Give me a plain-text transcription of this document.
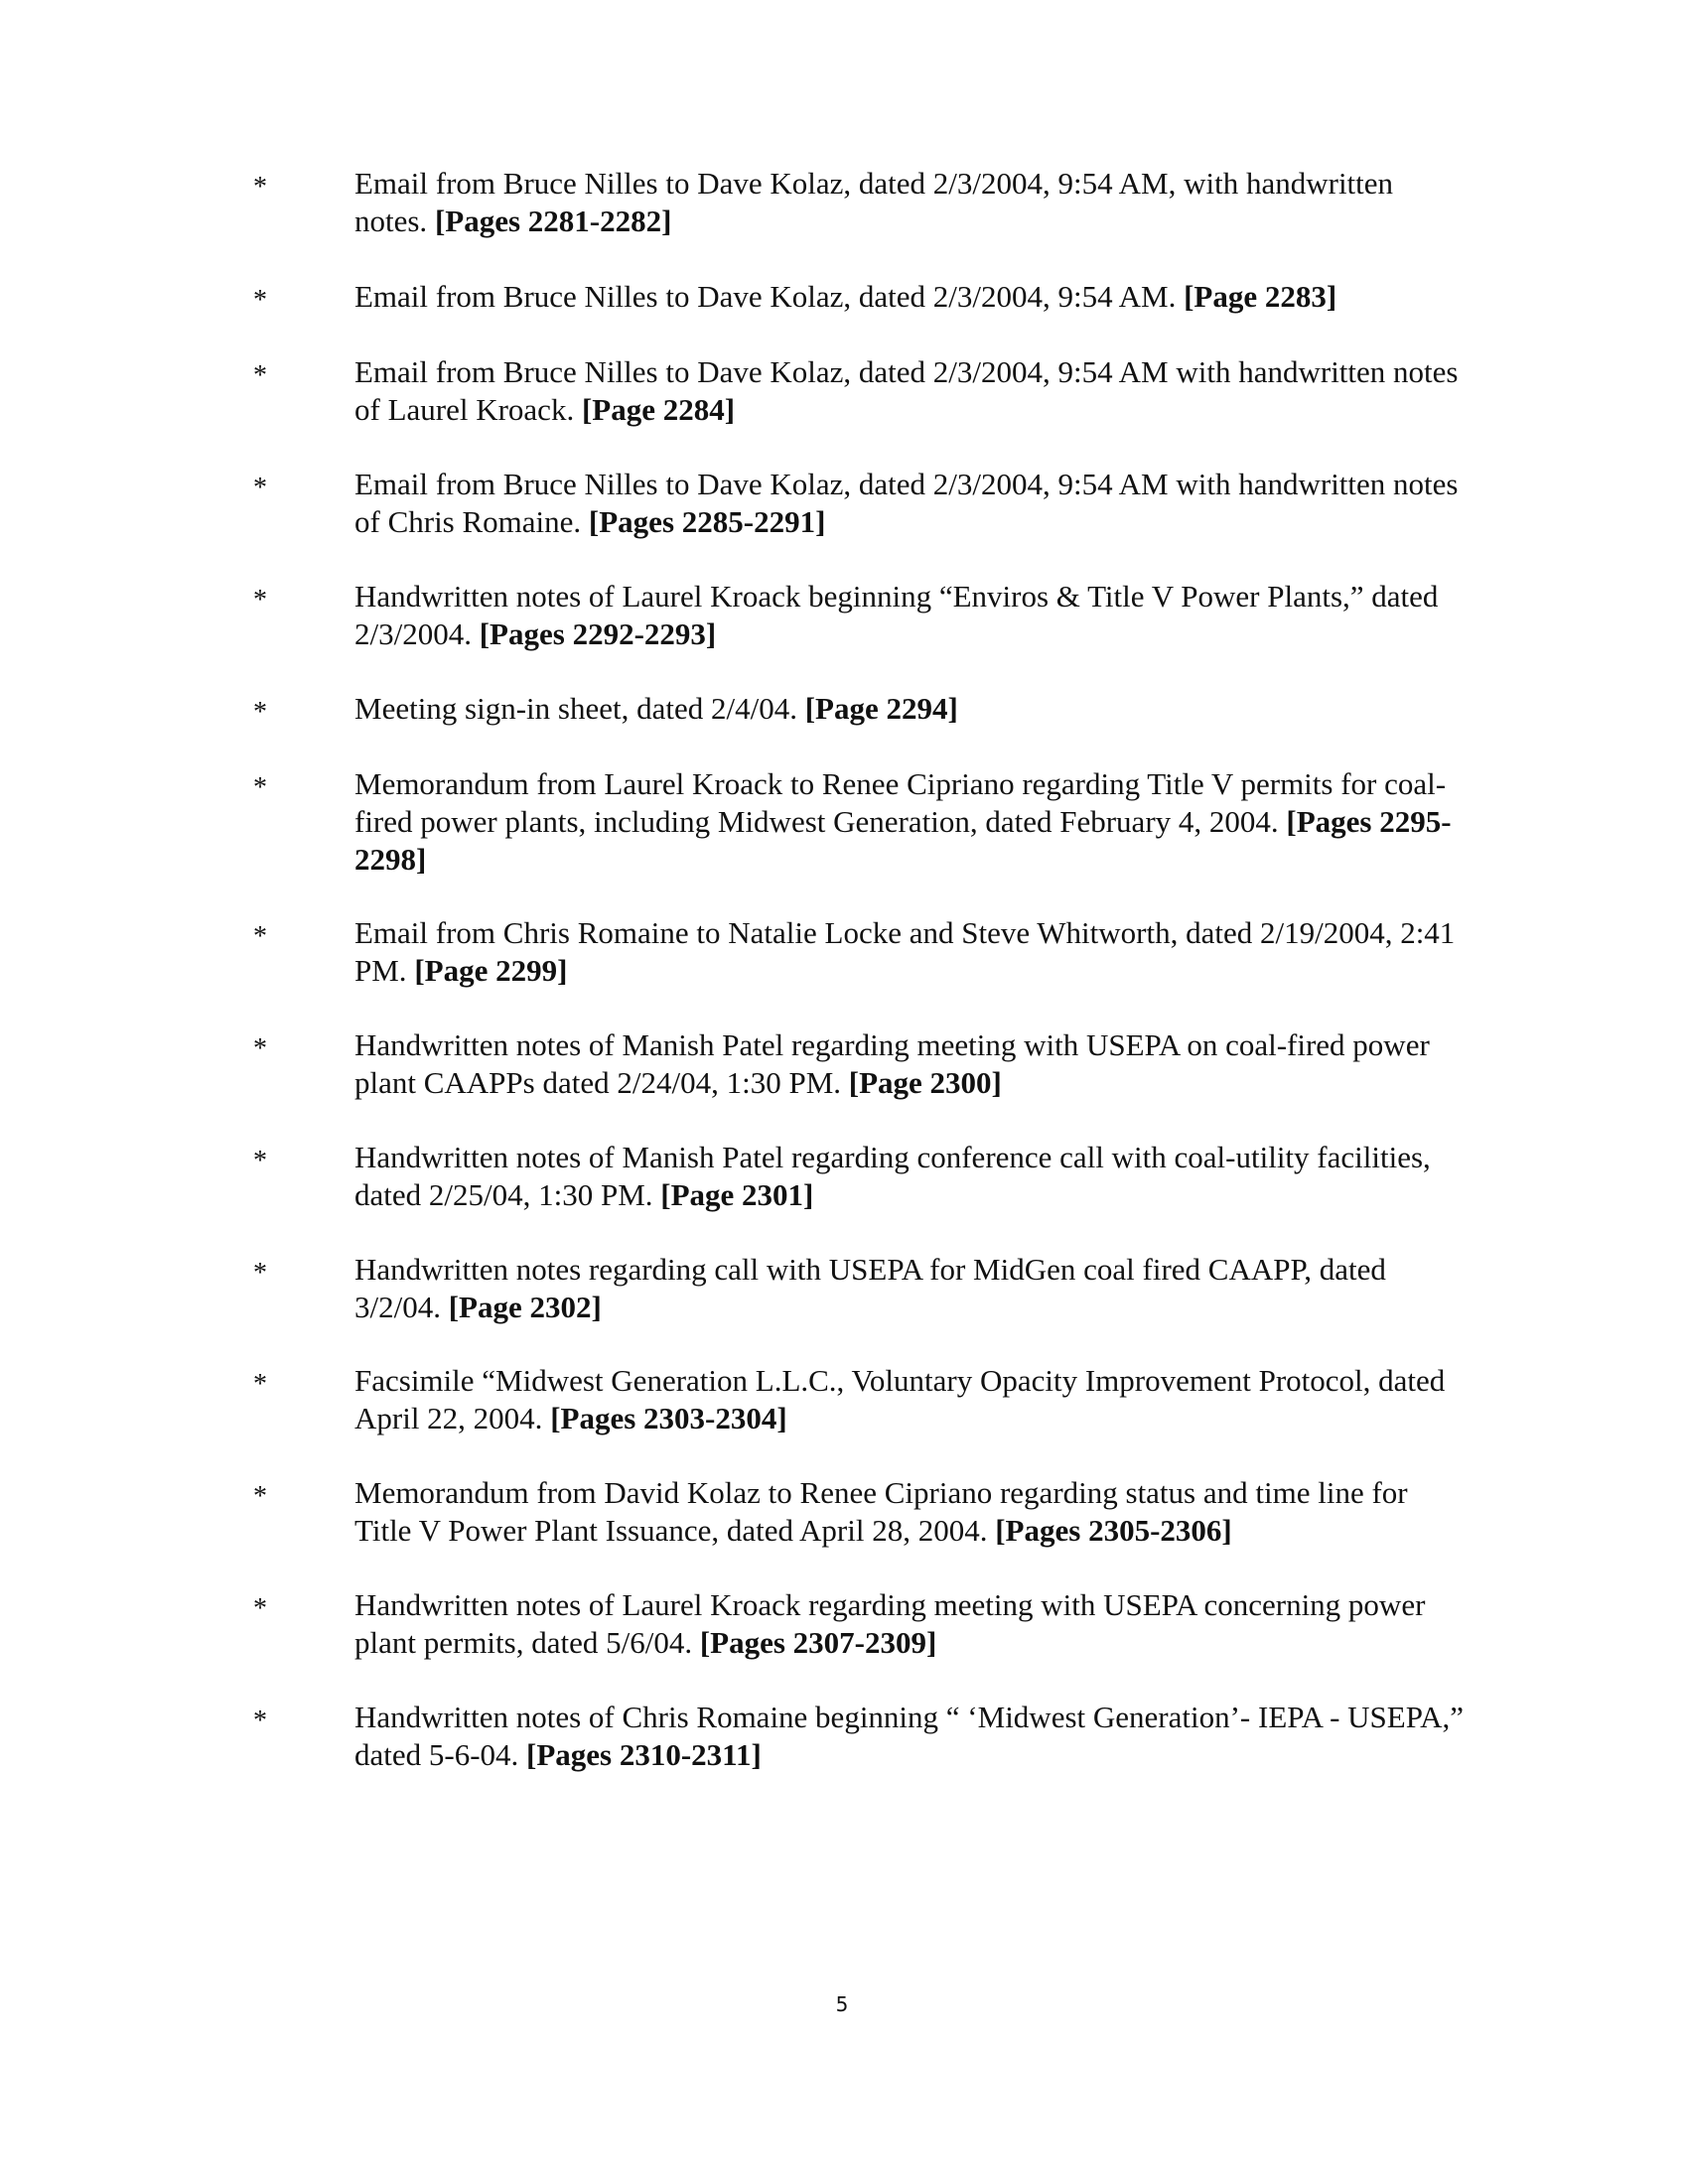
*	Email from Bruce Nilles to Dave Kolaz, dated 2/3/2004, 9:54 AM, with handwritten notes. [Pages 2281-2282]

*	Email from Bruce Nilles to Dave Kolaz, dated 2/3/2004, 9:54 AM. [Page 2283]

*	Email from Bruce Nilles to Dave Kolaz, dated 2/3/2004, 9:54 AM with handwritten notes of Laurel Kroack. [Page 2284]

*	Email from Bruce Nilles to Dave Kolaz, dated 2/3/2004, 9:54 AM with handwritten notes of Chris Romaine. [Pages 2285-2291]

*	Handwritten notes of Laurel Kroack beginning “Enviros & Title V Power Plants,” dated 2/3/2004. [Pages 2292-2293]

*	Meeting sign-in sheet, dated 2/4/04. [Page 2294]

*	Memorandum from Laurel Kroack to Renee Cipriano regarding Title V permits for coal-fired power plants, including Midwest Generation, dated February 4, 2004. [Pages 2295-2298]

*	Email from Chris Romaine to Natalie Locke and Steve Whitworth, dated 2/19/2004, 2:41 PM. [Page 2299]

*	Handwritten notes of Manish Patel regarding meeting with USEPA on coal-fired power plant CAAPPs dated 2/24/04, 1:30 PM. [Page 2300]

*	Handwritten notes of Manish Patel regarding conference call with coal-utility facilities, dated 2/25/04, 1:30 PM. [Page 2301]

*	Handwritten notes regarding call with USEPA for MidGen coal fired CAAPP, dated 3/2/04. [Page 2302]

*	Facsimile “Midwest Generation L.L.C., Voluntary Opacity Improvement Protocol, dated April 22, 2004. [Pages 2303-2304]

*	Memorandum from David Kolaz to Renee Cipriano regarding status and time line for Title V Power Plant Issuance, dated April 28, 2004. [Pages 2305-2306]

*	Handwritten notes of Laurel Kroack regarding meeting with USEPA concerning power plant permits, dated 5/6/04. [Pages 2307-2309]

*	Handwritten notes of Chris Romaine beginning “ ‘Midwest Generation’- IEPA - USEPA,” dated 5-6-04. [Pages 2310-2311]

5
